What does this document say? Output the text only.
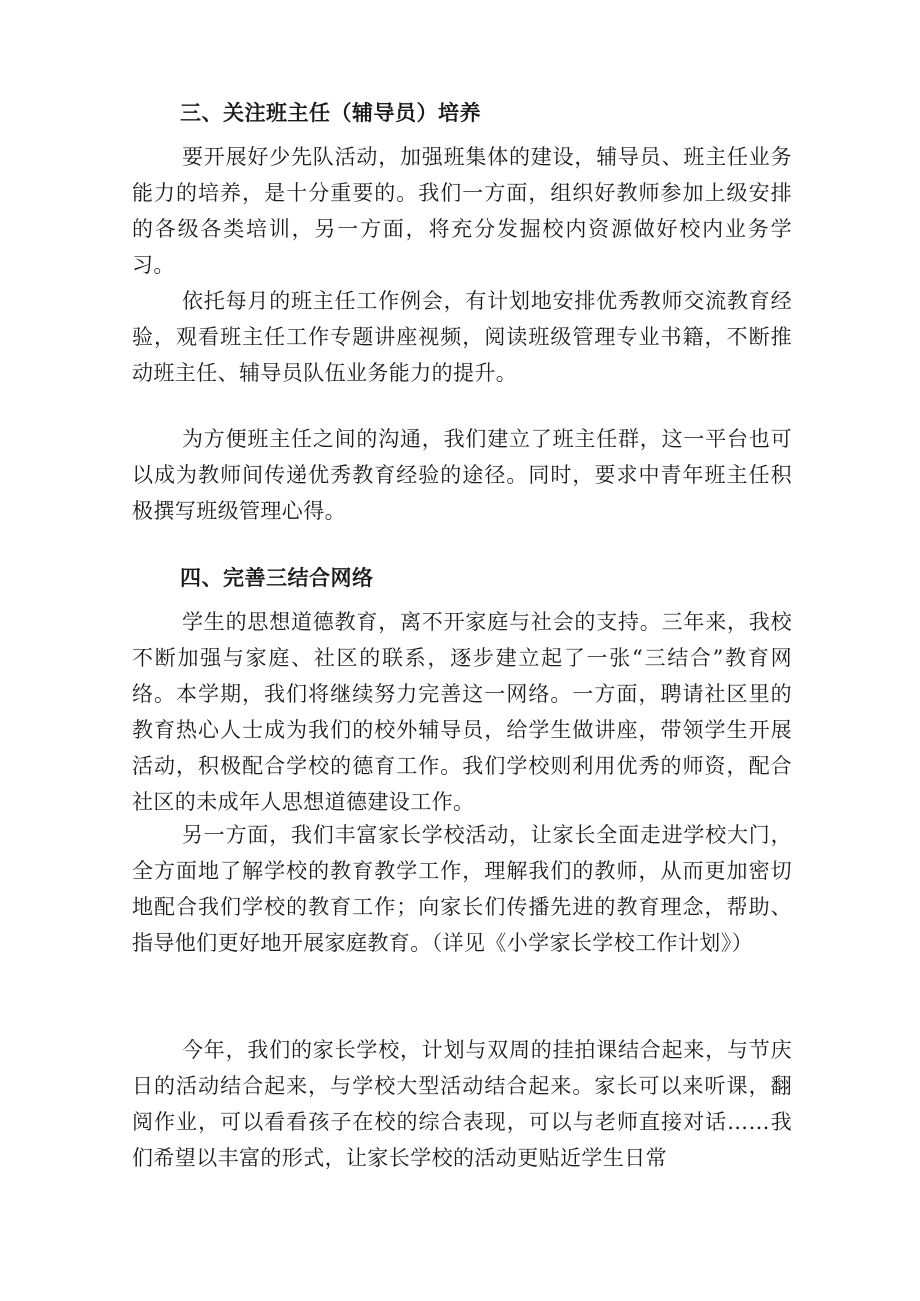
三、关注班主任（辅导员）培养

要开展好少先队活动，加强班集体的建设，辅导员、班主任业务能力的培养，是十分重要的。我们一方面，组织好教师参加上级安排的各级各类培训，另一方面，将充分发掘校内资源做好校内业务学习。

依托每月的班主任工作例会，有计划地安排优秀教师交流教育经验，观看班主任工作专题讲座视频，阅读班级管理专业书籍，不断推动班主任、辅导员队伍业务能力的提升。

为方便班主任之间的沟通，我们建立了班主任群，这一平台也可以成为教师间传递优秀教育经验的途径。同时，要求中青年班主任积极撰写班级管理心得。

四、完善三结合网络

学生的思想道德教育，离不开家庭与社会的支持。三年来，我校不断加强与家庭、社区的联系，逐步建立起了一张“三结合”教育网络。本学期，我们将继续努力完善这一网络。一方面，聘请社区里的教育热心人士成为我们的校外辅导员，给学生做讲座，带领学生开展活动，积极配合学校的德育工作。我们学校则利用优秀的师资，配合社区的未成年人思想道德建设工作。

另一方面，我们丰富家长学校活动，让家长全面走进学校大门，全方面地了解学校的教育教学工作，理解我们的教师，从而更加密切地配合我们学校的教育工作；向家长们传播先进的教育理念，帮助、指导他们更好地开展家庭教育。（详见《小学家长学校工作计划》）

今年，我们的家长学校，计划与双周的挂拍课结合起来，与节庆日的活动结合起来，与学校大型活动结合起来。家长可以来听课，翻阅作业，可以看看孩子在校的综合表现，可以与老师直接对话……我们希望以丰富的形式，让家长学校的活动更贴近学生日常
